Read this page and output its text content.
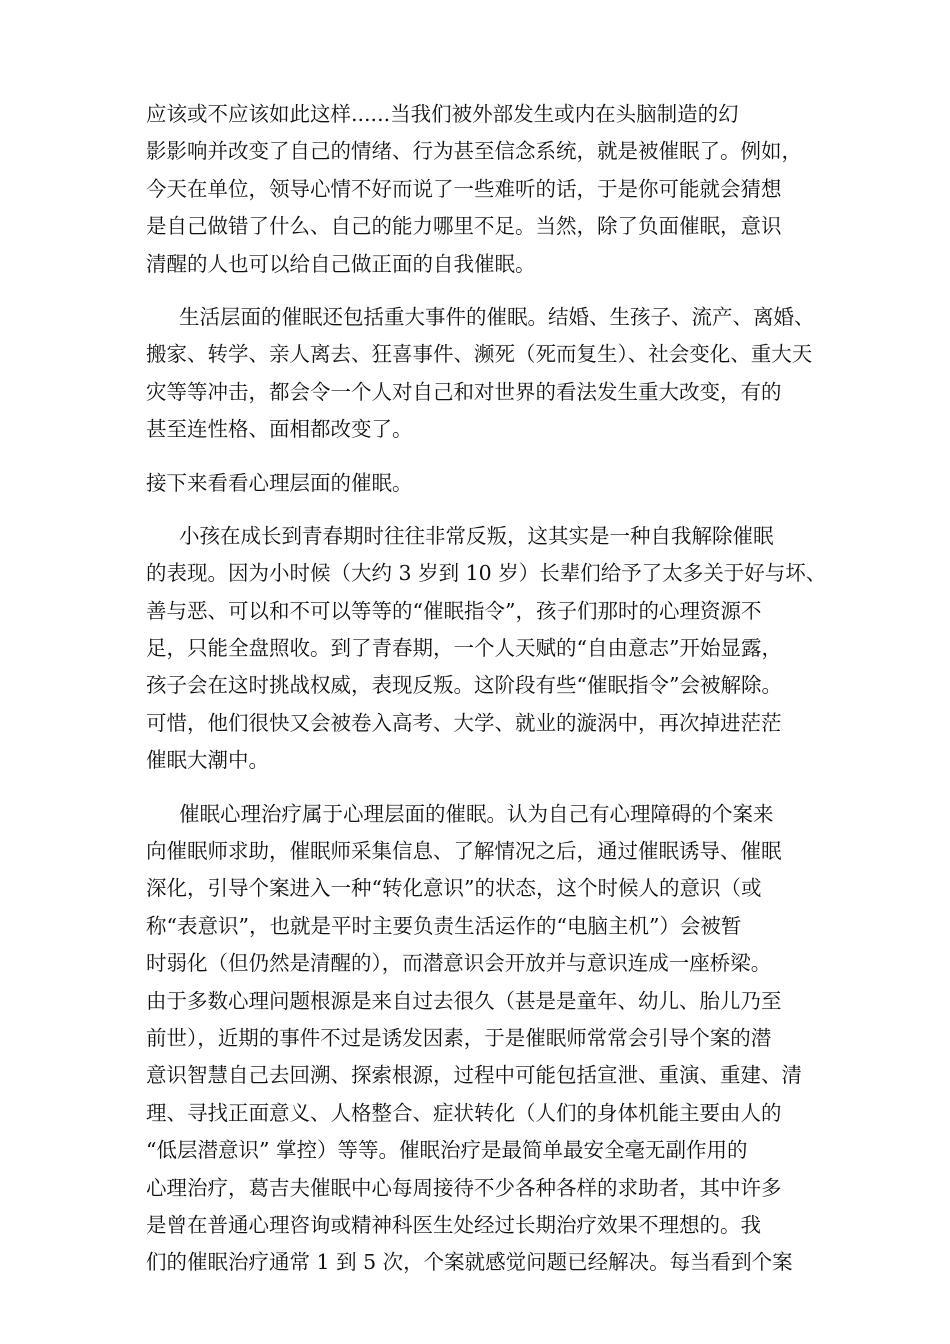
应该或不应该如此这样......当我们被外部发生或内在头脑制造的幻
影影响并改变了自己的情绪、行为甚至信念系统，就是被催眠了。例如，
今天在单位，领导心情不好而说了一些难听的话，于是你可能就会猜想
是自己做错了什么、自己的能力哪里不足。当然，除了负面催眠，意识
清醒的人也可以给自己做正面的自我催眠。
生活层面的催眠还包括重大事件的催眠。结婚、生孩子、流产、离婚、
搬家、转学、亲人离去、狂喜事件、濒死（死而复生）、社会变化、重大天
灾等等冲击，都会令一个人对自己和对世界的看法发生重大改变，有的
甚至连性格、面相都改变了。
接下来看看心理层面的催眠。
小孩在成长到青春期时往往非常反叛，这其实是一种自我解除催眠
的表现。因为小时候（大约 3 岁到 10 岁）长辈们给予了太多关于好与坏、
善与恶、可以和不可以等等的“催眠指令”，孩子们那时的心理资源不
足，只能全盘照收。到了青春期，一个人天赋的“自由意志”开始显露，
孩子会在这时挑战权威，表现反叛。这阶段有些“催眠指令”会被解除。
可惜，他们很快又会被卷入高考、大学、就业的漩涡中，再次掉进茫茫
催眠大潮中。
催眠心理治疗属于心理层面的催眠。认为自己有心理障碍的个案来
向催眠师求助，催眠师采集信息、了解情况之后，通过催眠诱导、催眠
深化，引导个案进入一种“转化意识”的状态，这个时候人的意识（或
称“表意识”，也就是平时主要负责生活运作的“电脑主机”）会被暂
时弱化（但仍然是清醒的），而潜意识会开放并与意识连成一座桥梁。
由于多数心理问题根源是来自过去很久（甚是是童年、幼儿、胎儿乃至
前世），近期的事件不过是诱发因素，于是催眠师常常会引导个案的潜
意识智慧自己去回溯、探索根源，过程中可能包括宣泄、重演、重建、清
理、寻找正面意义、人格整合、症状转化（人们的身体机能主要由人的
“低层潜意识” 掌控）等等。催眠治疗是最简单最安全毫无副作用的
心理治疗，葛吉夫催眠中心每周接待不少各种各样的求助者，其中许多
是曾在普通心理咨询或精神科医生处经过长期治疗效果不理想的。我
们的催眠治疗通常 1 到 5 次，个案就感觉问题已经解决。每当看到个案
